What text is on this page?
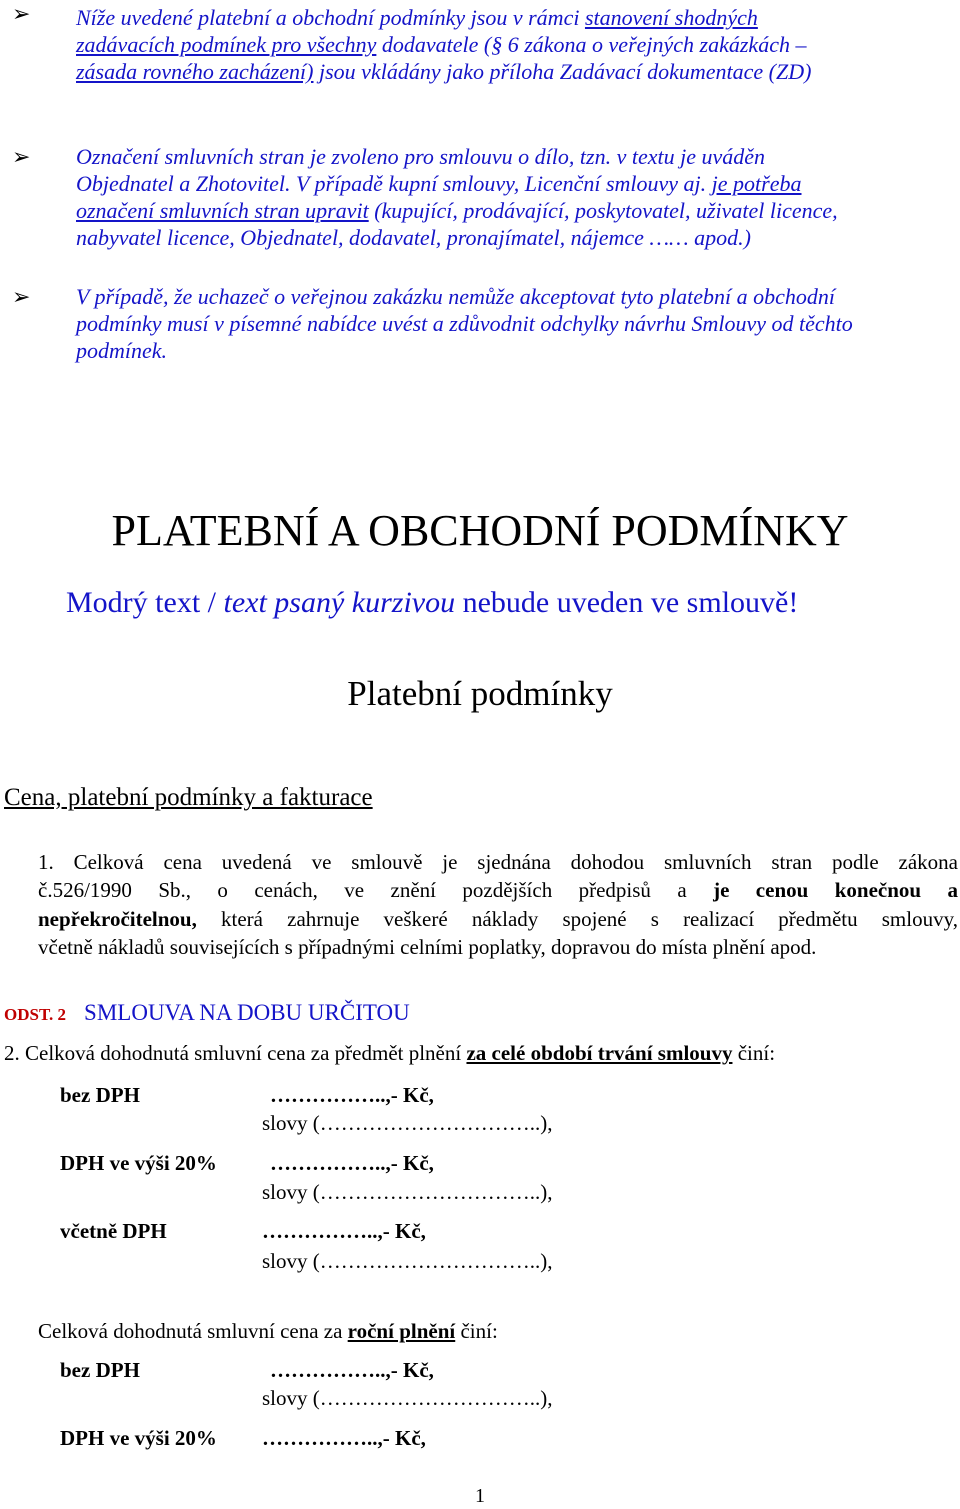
➢ Níže uvedené platební a obchodní podmínky jsou v rámci stanovení shodných
zadávacích podmínek pro všechny dodavatele (§ 6 zákona o veřejných zakázkách –
zásada rovného zacházení) jsou vkládány jako příloha Zadávací dokumentace (ZD)
➢ Označení smluvních stran je zvoleno pro smlouvu o dílo, tzn. v textu je uváděn
Objednatel a Zhotovitel. V případě kupní smlouvy, Licenční smlouvy aj. je potřeba
označení smluvních stran upravit (kupující, prodávající, poskytovatel, uživatel licence,
nabyvatel licence, Objednatel, dodavatel, pronajímatel, nájemce …… apod.)
➢ V případě, že uchazeč o veřejnou zakázku nemůže akceptovat tyto platební a obchodní
podmínky musí v písemné nabídce uvést a zdůvodnit odchylky návrhu Smlouvy od těchto
podmínek.
PLATEBNÍ A OBCHODNÍ PODMÍNKY
Modrý text / text psaný kurzivou nebude uveden ve smlouvě!
Platební podmínky
Cena, platební podmínky a fakturace
1. Celková cena uvedená ve smlouvě je sjednána dohodou smluvních stran podle zákona
č.526/1990 Sb., o cenách, ve znění pozdějších předpisů a je cenou konečnou a
nepřekročitelnou, která zahrnuje veškeré náklady spojené s realizací předmětu smlouvy,
včetně nákladů souvisejících s případnými celními poplatky, dopravou do místa plnění apod.
ODST. 2 SMLOUVA NA DOBU URČITOU
2. Celková dohodnutá smluvní cena za předmět plnění za celé období trvání smlouvy činí:
bez DPH	……………..,- Kč,
slovy (…………………………..),
DPH ve výši 20%	……………..,- Kč,
slovy (…………………………..),
včetně DPH	……………..,- Kč,
slovy (…………………………..),
Celková dohodnutá smluvní cena za roční plnění činí:
bez DPH	……………..,- Kč,
slovy (…………………………..),
DPH ve výši 20% ……………..,- Kč,
1
